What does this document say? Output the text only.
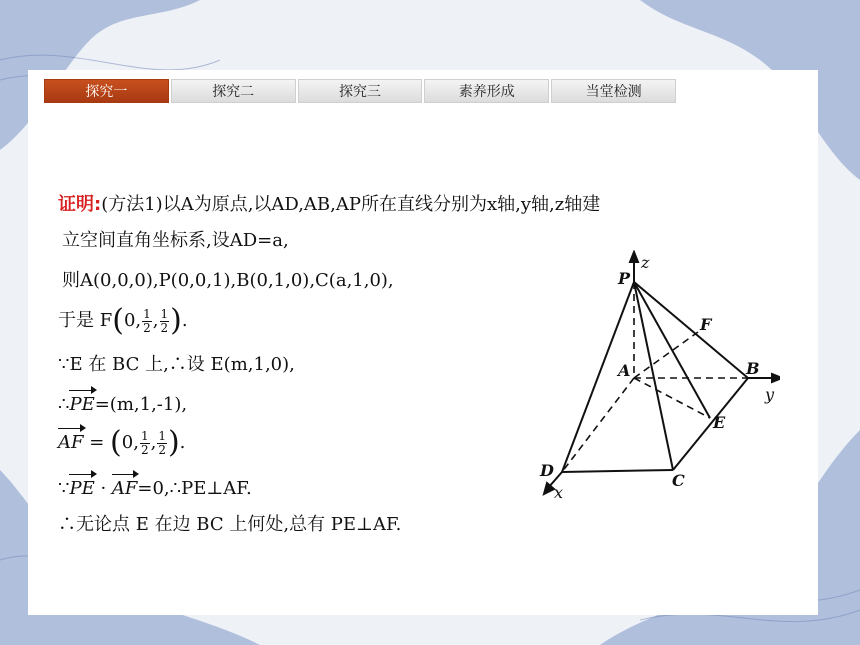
探究一	探究二	探究三	素养形成	当堂检测
证明:(方法1)以A为原点,以AD,AB,AP所在直线分别为x轴,y轴,z轴建
立空间直角坐标系,设AD=a,
则A(0,0,0),P(0,0,1),B(0,1,0),C(a,1,0),
于是 F(0, $\frac{1}{2}$ , $\frac{1}{2}$ ).
∵E 在 BC 上,∴设 E(m,1,0),
∴PE=(m,1,-1),
AF = (0, $\frac{1}{2}$ , $\frac{1}{2}$ ).
∵PE · AF=0,∴PE⊥AF.
∴无论点 E 在边 BC 上何处,总有 PE⊥AF.
P
z
F
A	B
y
E
D
C
x
